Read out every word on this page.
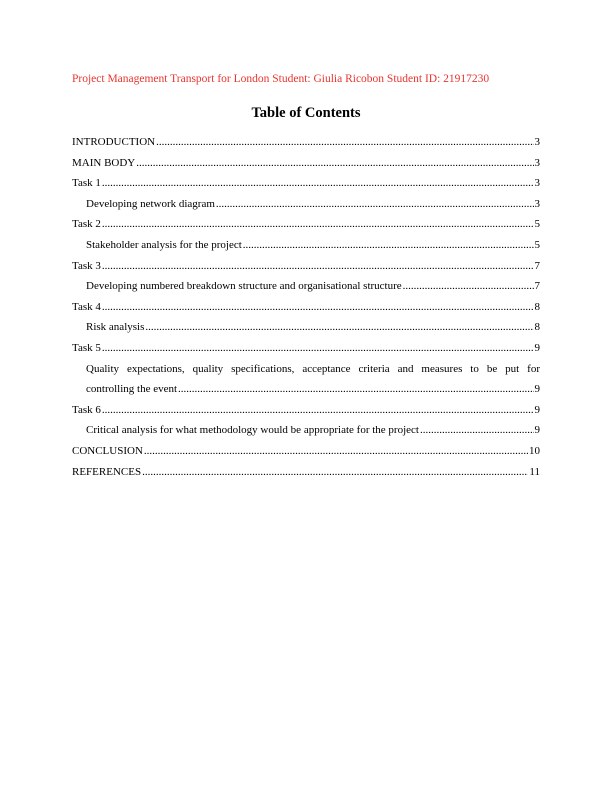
Project Management Transport for London Student: Giulia Ricobon Student ID: 21917230
Table of Contents
INTRODUCTION .....	3
MAIN BODY .....	3
Task 1 .....	3
Developing network diagram .....	3
Task 2 .....	5
Stakeholder analysis for the project .....	5
Task 3 .....	7
Developing numbered breakdown structure and organisational structure .....	7
Task 4 .....	8
Risk analysis .....	8
Task 5 .....	9
Quality expectations, quality specifications, acceptance criteria and measures to be put for
controlling the event .....	9
Task 6 .....	9
Critical analysis for what methodology would be appropriate for the project .....	9
CONCLUSION .....	10
REFERENCES .....	11
